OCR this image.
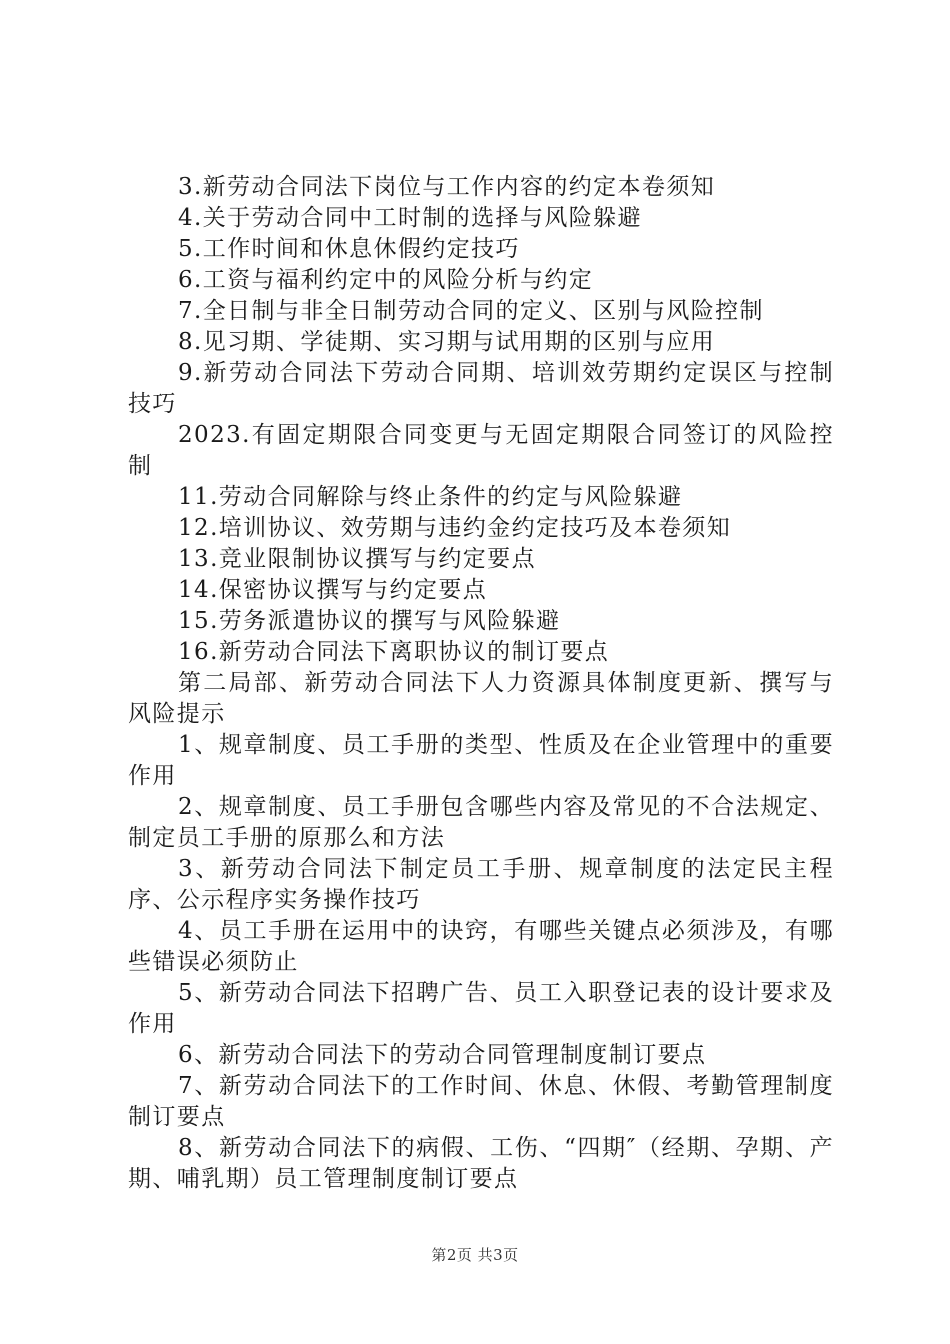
3.新劳动合同法下岗位与工作内容的约定本卷须知

4.关于劳动合同中工时制的选择与风险躲避

5.工作时间和休息休假约定技巧

6.工资与福利约定中的风险分析与约定

7.全日制与非全日制劳动合同的定义、区别与风险控制

8.见习期、学徒期、实习期与试用期的区别与应用

9.新劳动合同法下劳动合同期、培训效劳期约定误区与控制技巧

2023.有固定期限合同变更与无固定期限合同签订的风险控制

11.劳动合同解除与终止条件的约定与风险躲避

12.培训协议、效劳期与违约金约定技巧及本卷须知

13.竞业限制协议撰写与约定要点

14.保密协议撰写与约定要点

15.劳务派遣协议的撰写与风险躲避

16.新劳动合同法下离职协议的制订要点

第二局部、新劳动合同法下人力资源具体制度更新、撰写与风险提示

1、规章制度、员工手册的类型、性质及在企业管理中的重要作用

2、规章制度、员工手册包含哪些内容及常见的不合法规定、制定员工手册的原那么和方法

3、新劳动合同法下制定员工手册、规章制度的法定民主程序、公示程序实务操作技巧

4、员工手册在运用中的诀窍，有哪些关键点必须涉及，有哪些错误必须防止

5、新劳动合同法下招聘广告、员工入职登记表的设计要求及作用

6、新劳动合同法下的劳动合同管理制度制订要点

7、新劳动合同法下的工作时间、休息、休假、考勤管理制度制订要点

8、新劳动合同法下的病假、工伤、“四期″（经期、孕期、产期、哺乳期）员工管理制度制订要点

第2页 共3页
